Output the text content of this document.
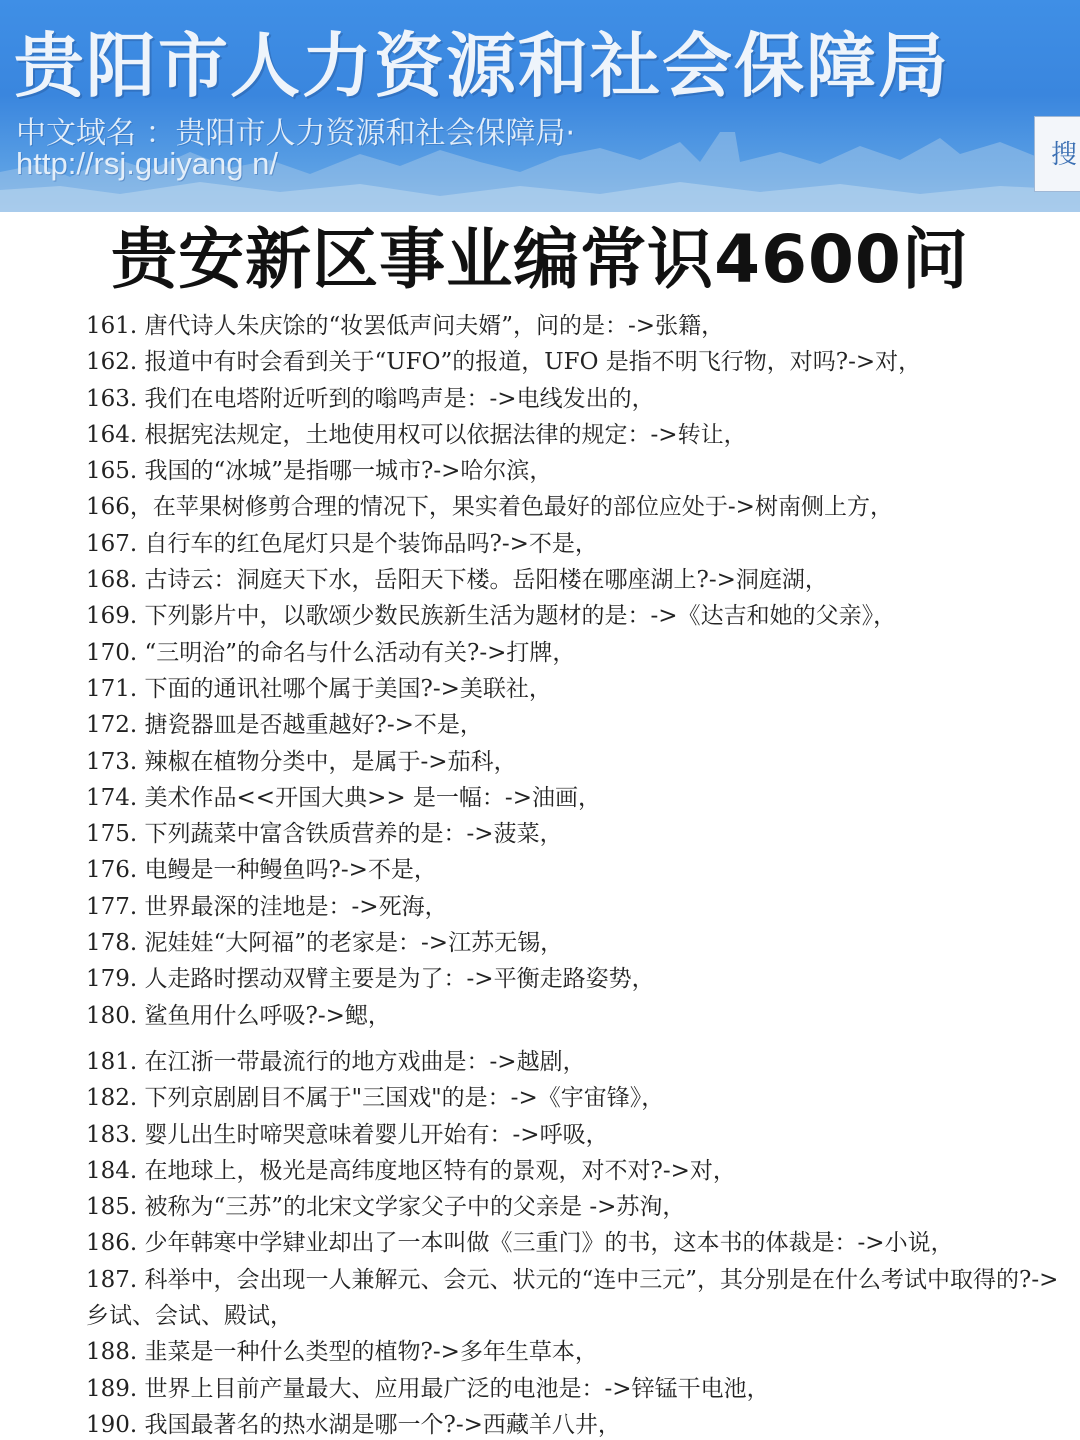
贵阳市人力资源和社会保障局
中文域名 ：贵阳市人力资源和社会保障局·
http://rsj.guiyang n/	搜
贵安新区事业编常识4600问
161. 唐代诗人朱庆馀的“妆罢低声问夫婿”，问的是：->张籍，
162. 报道中有时会看到关于“UFO”的报道，UFO 是指不明飞行物，对吗?->对，
163. 我们在电塔附近听到的嗡鸣声是：->电线发出的，
164. 根据宪法规定，土地使用权可以依据法律的规定：->转让，
165. 我国的“冰城”是指哪一城市?->哈尔滨，
166，在苹果树修剪合理的情况下，果实着色最好的部位应处于->树南侧上方，
167. 自行车的红色尾灯只是个装饰品吗?->不是，
168. 古诗云：洞庭天下水，岳阳天下楼。岳阳楼在哪座湖上?->洞庭湖，
169. 下列影片中，以歌颂少数民族新生活为题材的是：->《达吉和她的父亲》，
170. “三明治”的命名与什么活动有关?->打牌，
171. 下面的通讯社哪个属于美国?->美联社，
172. 搪瓷器皿是否越重越好?->不是，
173. 辣椒在植物分类中，是属于->茄科，
174. 美术作品<<开国大典>> 是一幅：->油画，
175. 下列蔬菜中富含铁质营养的是：->菠菜，
176. 电鳗是一种鳗鱼吗?->不是，
177. 世界最深的洼地是：->死海，
178. 泥娃娃“大阿福”的老家是：->江苏无锡，
179. 人走路时摆动双臂主要是为了：->平衡走路姿势，
180. 鲨鱼用什么呼吸?->鳃，
181. 在江浙一带最流行的地方戏曲是：->越剧，
182. 下列京剧剧目不属于"三国戏"的是：->《宇宙锋》，
183. 婴儿出生时啼哭意味着婴儿开始有：->呼吸，
184. 在地球上，极光是高纬度地区特有的景观，对不对?->对，
185. 被称为“三苏”的北宋文学家父子中的父亲是 ->苏洵，
186. 少年韩寒中学肄业却出了一本叫做《三重门》的书，这本书的体裁是：->小说，
187. 科举中，会出现一人兼解元、会元、状元的“连中三元”，其分别是在什么考试中取得的?->乡试、会试、殿试，
188. 韭菜是一种什么类型的植物?->多年生草本，
189. 世界上目前产量最大、应用最广泛的电池是：->锌锰干电池，
190. 我国最著名的热水湖是哪一个?->西藏羊八井，
